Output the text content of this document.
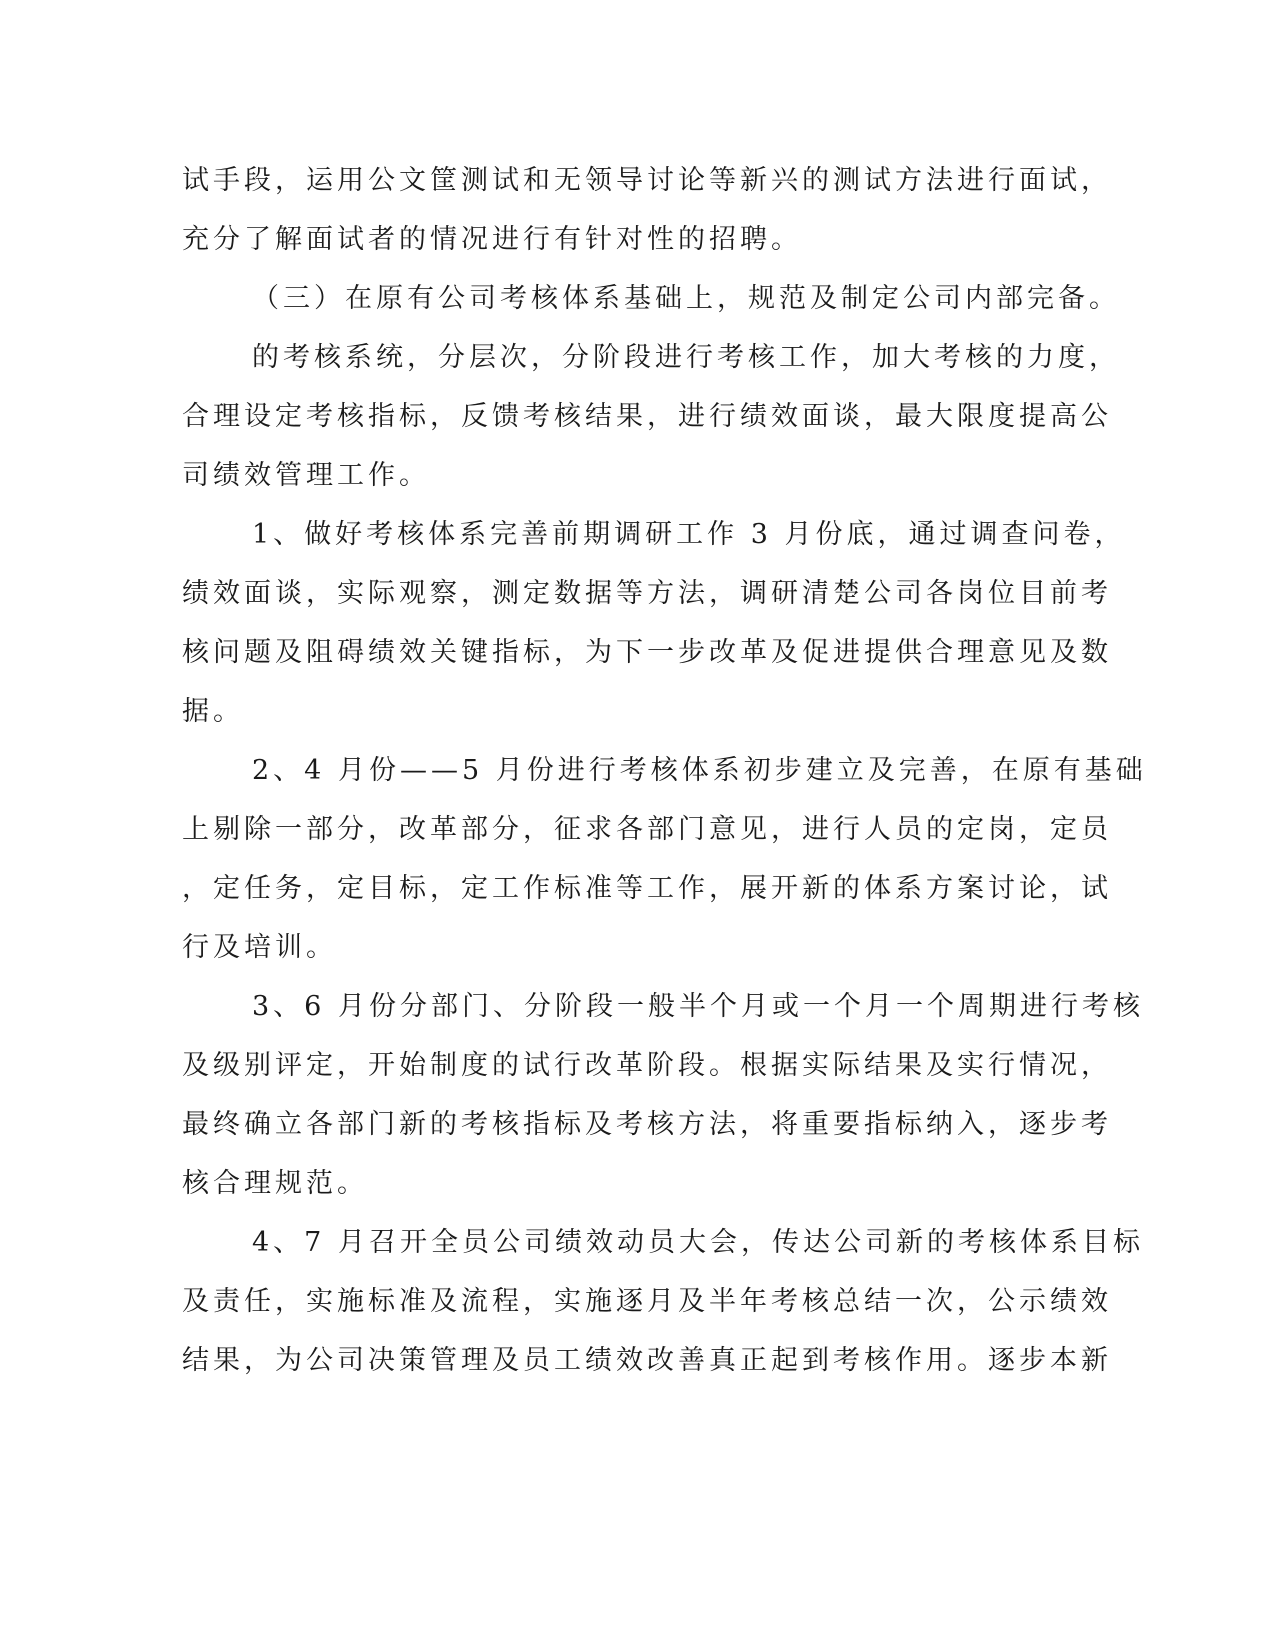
试手段，运用公文筐测试和无领导讨论等新兴的测试方法进行面试，
充分了解面试者的情况进行有针对性的招聘。
（三）在原有公司考核体系基础上，规范及制定公司内部完备。
的考核系统，分层次，分阶段进行考核工作，加大考核的力度，
合理设定考核指标，反馈考核结果，进行绩效面谈，最大限度提高公
司绩效管理工作。
1、做好考核体系完善前期调研工作 3 月份底，通过调查问卷，
绩效面谈，实际观察，测定数据等方法，调研清楚公司各岗位目前考
核问题及阻碍绩效关键指标，为下一步改革及促进提供合理意见及数
据。
2、4 月份——5 月份进行考核体系初步建立及完善，在原有基础
上剔除一部分，改革部分，征求各部门意见，进行人员的定岗，定员
，定任务，定目标，定工作标准等工作，展开新的体系方案讨论，试
行及培训。
3、6 月份分部门、分阶段一般半个月或一个月一个周期进行考核
及级别评定，开始制度的试行改革阶段。根据实际结果及实行情况，
最终确立各部门新的考核指标及考核方法，将重要指标纳入，逐步考
核合理规范。
4、7 月召开全员公司绩效动员大会，传达公司新的考核体系目标
及责任，实施标准及流程，实施逐月及半年考核总结一次，公示绩效
结果，为公司决策管理及员工绩效改善真正起到考核作用。逐步本新
